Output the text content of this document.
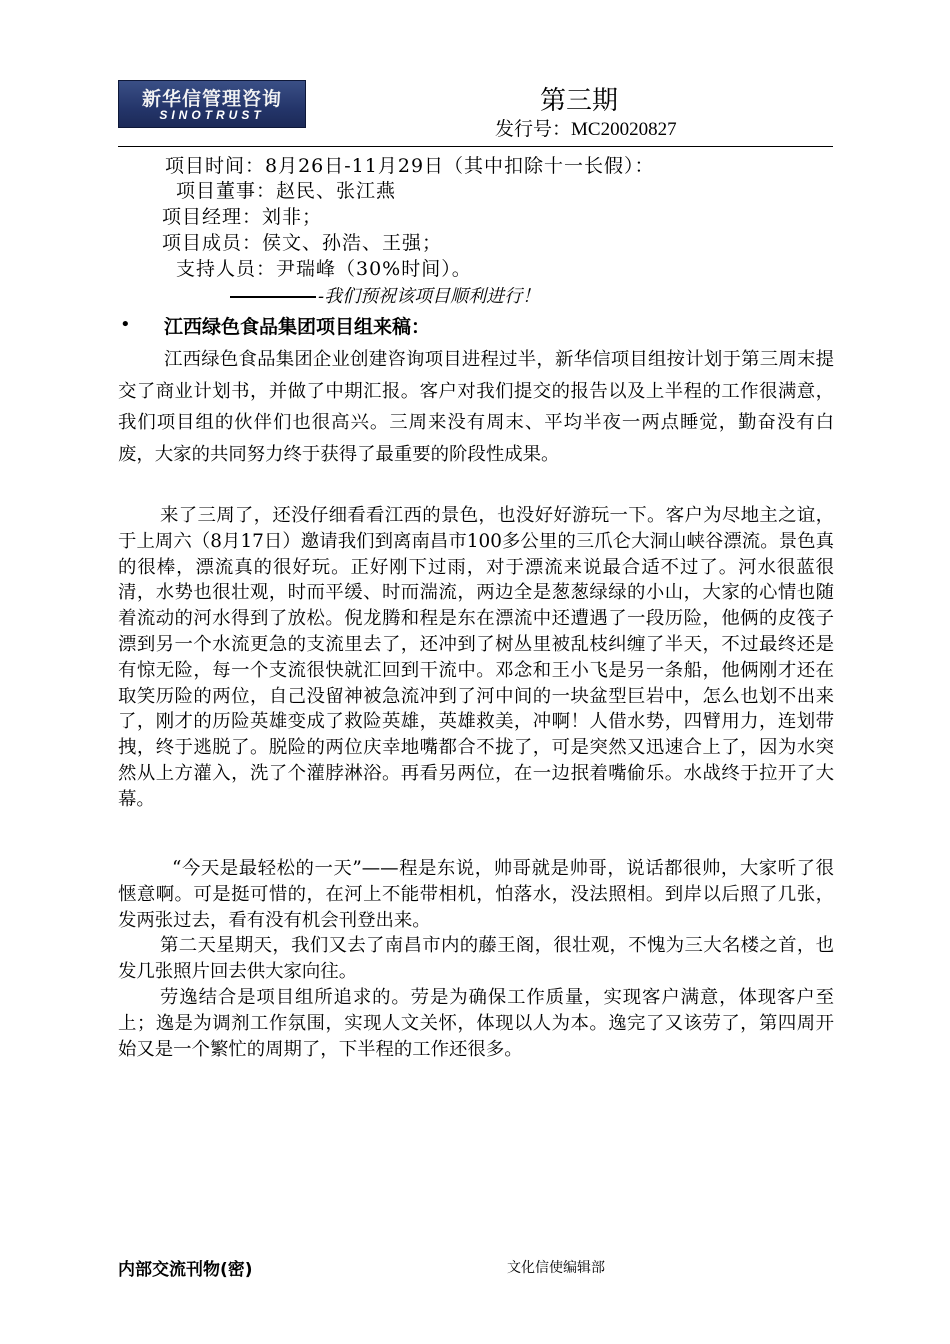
新华信管理咨询
SINOTRUST	第三期
发行号：MC20020827
项目时间：8月26日-11月29日（其中扣除十一长假）：
项目董事：赵民、张江燕
项目经理：刘非；
项目成员：侯文、孙浩、王强；
支持人员：尹瑞峰（30%时间）。
-我们预祝该项目顺利进行！
• 江西绿色食品集团项目组来稿：

江西绿色食品集团企业创建咨询项目进程过半，新华信项目组按计划于第三周末提交了商业计划书，并做了中期汇报。客户对我们提交的报告以及上半程的工作很满意，我们项目组的伙伴们也很高兴。三周来没有周末、平均半夜一两点睡觉，勤奋没有白废，大家的共同努力终于获得了最重要的阶段性成果。

来了三周了，还没仔细看看江西的景色，也没好好游玩一下。客户为尽地主之谊，于上周六（8月17日）邀请我们到离南昌市100多公里的三爪仑大洞山峡谷漂流。景色真的很棒，漂流真的很好玩。正好刚下过雨，对于漂流来说最合适不过了。河水很蓝很清，水势也很壮观，时而平缓、时而湍流，两边全是葱葱绿绿的小山，大家的心情也随着流动的河水得到了放松。倪龙腾和程是东在漂流中还遭遇了一段历险，他俩的皮筏子漂到另一个水流更急的支流里去了，还冲到了树丛里被乱枝纠缠了半天，不过最终还是有惊无险，每一个支流很快就汇回到干流中。邓念和王小飞是另一条船，他俩刚才还在取笑历险的两位，自己没留神被急流冲到了河中间的一块盆型巨岩中，怎么也划不出来了，刚才的历险英雄变成了救险英雄，英雄救美，冲啊！人借水势，四臂用力，连划带拽，终于逃脱了。脱险的两位庆幸地嘴都合不拢了，可是突然又迅速合上了，因为水突然从上方灌入，洗了个灌脖淋浴。再看另两位，在一边抿着嘴偷乐。水战终于拉开了大幕。

“今天是最轻松的一天”——程是东说，帅哥就是帅哥，说话都很帅，大家听了很惬意啊。可是挺可惜的，在河上不能带相机，怕落水，没法照相。到岸以后照了几张，发两张过去，看有没有机会刊登出来。

第二天星期天，我们又去了南昌市内的藤王阁，很壮观，不愧为三大名楼之首，也发几张照片回去供大家向往。

劳逸结合是项目组所追求的。劳是为确保工作质量，实现客户满意，体现客户至上；逸是为调剂工作氛围，实现人文关怀，体现以人为本。逸完了又该劳了，第四周开始又是一个繁忙的周期了，下半程的工作还很多。

内部交流刊物(密)	文化信使编辑部
